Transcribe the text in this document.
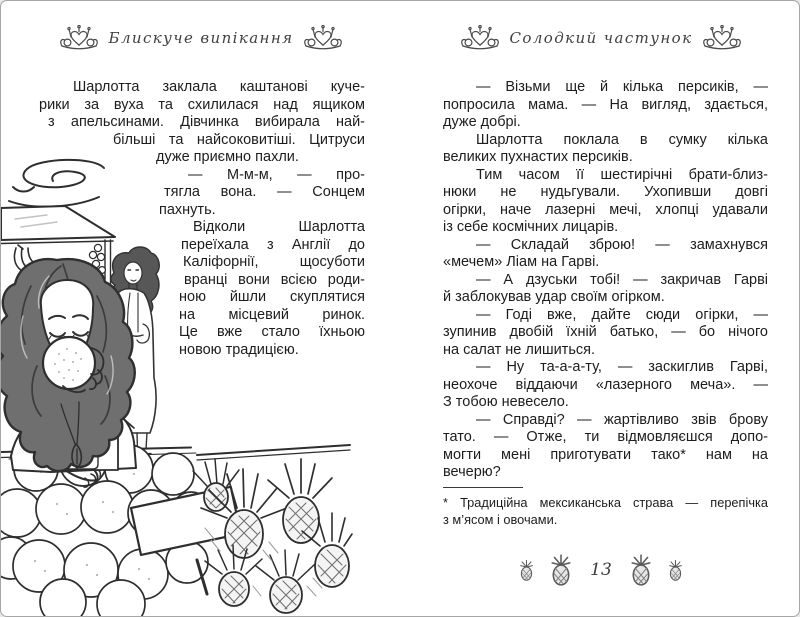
Блискуче випікання
Шарлотта заклала каштанові куче-
рики за вуха та схилилася над ящиком
з апельсинами. Дівчинка вибирала най-
більші та найсоковитіші. Цитруси
дуже приємно пахли.
— М-м-м, — про-
тягла вона. — Сонцем
пахнуть.
Відколи Шарлотта
переїхала з Англії до
Каліфорнії, щосуботи
вранці вони всією роди-
ною йшли скуплятися
на місцевий ринок.
Це вже стало їхньою
новою традицією.
Солодкий частунок
— Візьми ще й кілька персиків, —
попросила мама. — На вигляд, здається,
дуже добрі.
Шарлотта поклала в сумку кілька
великих пухнастих персиків.
Тим часом її шестирічні брати-близ-
нюки не нудьгували. Ухопивши довгі
огірки, наче лазерні мечі, хлопці удавали
із себе космічних лицарів.
— Складай зброю! — замахнувся
«мечем» Ліам на Гарві.
— А дзуськи тобі! — закричав Гарві
й заблокував удар своїм огірком.
— Годі вже, дайте сюди огірки, —
зупинив двобій їхній батько, — бо нічого
на салат не лишиться.
— Ну та-а-а-ту, — заскиглив Гарві,
неохоче віддаючи «лазерного меча». —
З тобою невесело.
— Справді? — жартівливо звів брову
тато. — Отже, ти відмовляєшся допо-
могти мені приготувати тако* нам на
вечерю?
* Традиційна мексиканська страва — перепічка
з м’ясом і овочами.
13
